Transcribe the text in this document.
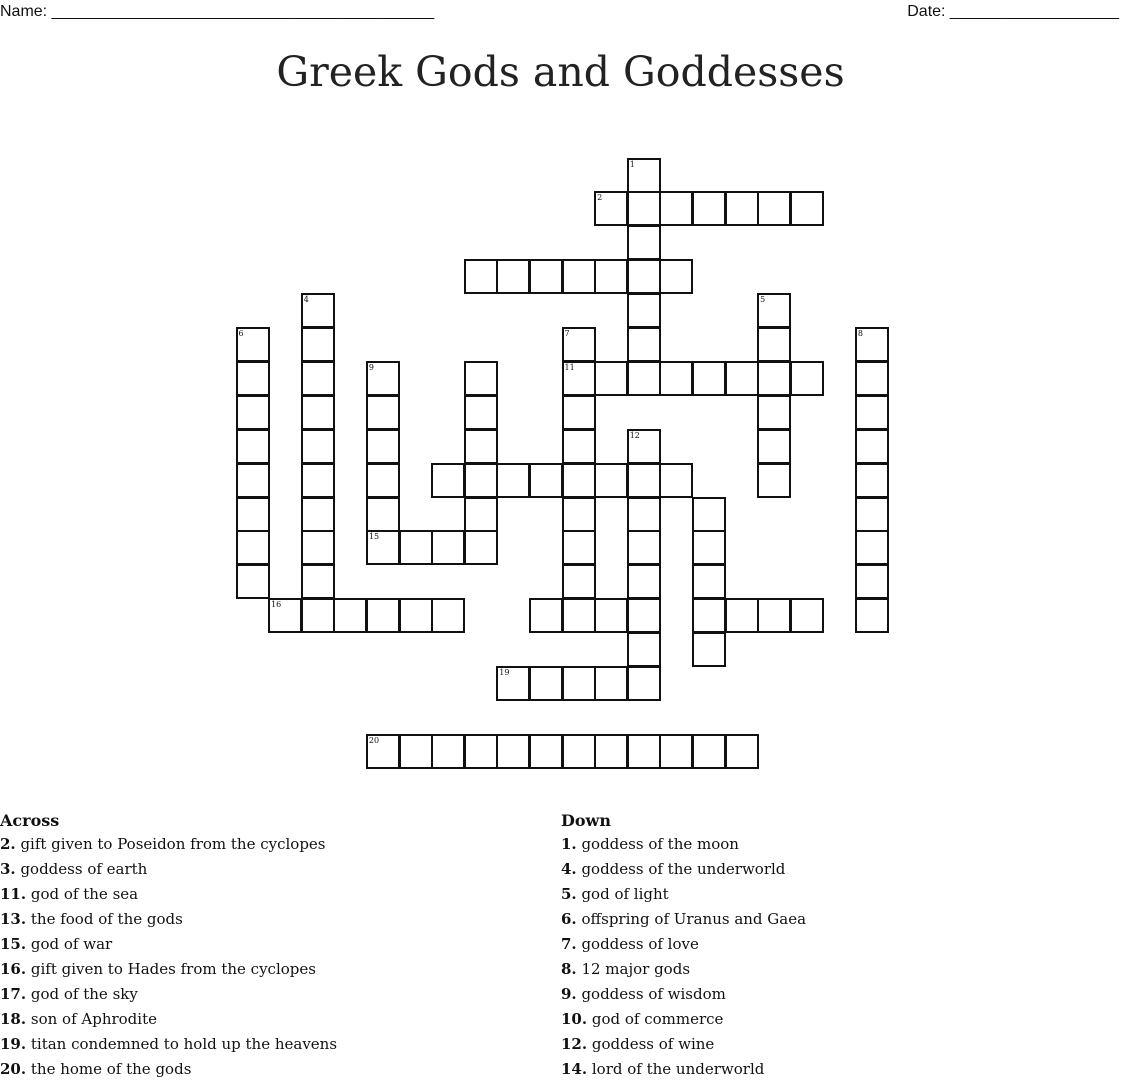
Name: ___________________________________________	Date: ___________________
Greek Gods and Goddesses
2
11
15
16
19
20
1
4	5
6	7	8
9
12
Across
2. gift given to Poseidon from the cyclopes
3. goddess of earth
11. god of the sea
13. the food of the gods
15. god of war
16. gift given to Hades from the cyclopes
17. god of the sky
18. son of Aphrodite
19. titan condemned to hold up the heavens
20. the home of the gods
Down
1. goddess of the moon
4. goddess of the underworld
5. god of light
6. offspring of Uranus and Gaea
7. goddess of love
8. 12 major gods
9. goddess of wisdom
10. god of commerce
12. goddess of wine
14. lord of the underworld
